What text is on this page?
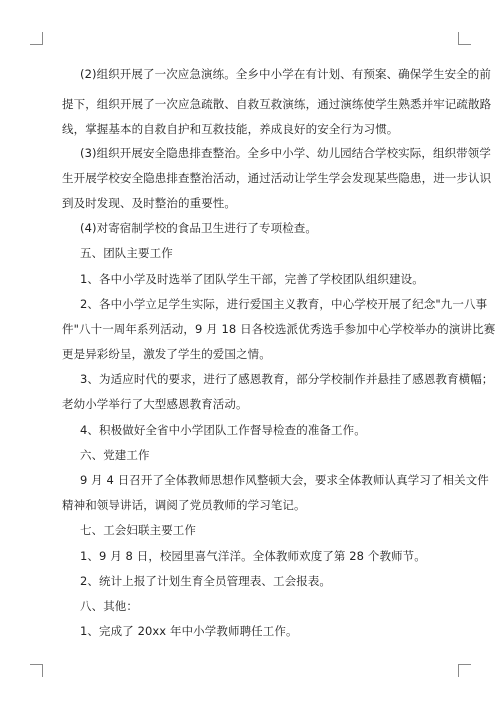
(2)组织开展了一次应急演练。全乡中小学在有计划、有预案、确保学生安全的前
提下，组织开展了一次应急疏散、自救互救演练，通过演练使学生熟悉并牢记疏散路
线，掌握基本的自救自护和互救技能，养成良好的安全行为习惯。
(3)组织开展安全隐患排查整治。全乡中小学、幼儿园结合学校实际，组织带领学
生开展学校安全隐患排查整治活动，通过活动让学生学会发现某些隐患，进一步认识
到及时发现、及时整治的重要性。
(4)对寄宿制学校的食品卫生进行了专项检查。
五、团队主要工作
1、各中小学及时选举了团队学生干部，完善了学校团队组织建设。
2、各中小学立足学生实际，进行爱国主义教育，中心学校开展了纪念"九一八事
件"八十一周年系列活动，9 月 18 日各校选派优秀选手参加中心学校举办的演讲比赛
更是异彩纷呈，激发了学生的爱国之情。
3、为适应时代的要求，进行了感恩教育，部分学校制作并悬挂了感恩教育横幅；
老幼小学举行了大型感恩教育活动。
4、积极做好全省中小学团队工作督导检查的准备工作。
六、党建工作
9 月 4 日召开了全体教师思想作风整顿大会，要求全体教师认真学习了相关文件
精神和领导讲话，调阅了党员教师的学习笔记。
七、工会妇联主要工作
1、9 月 8 日，校园里喜气洋洋。全体教师欢度了第 28 个教师节。
2、统计上报了计划生育全员管理表、工会报表。
八、其他：
1、完成了 20xx 年中小学教师聘任工作。
